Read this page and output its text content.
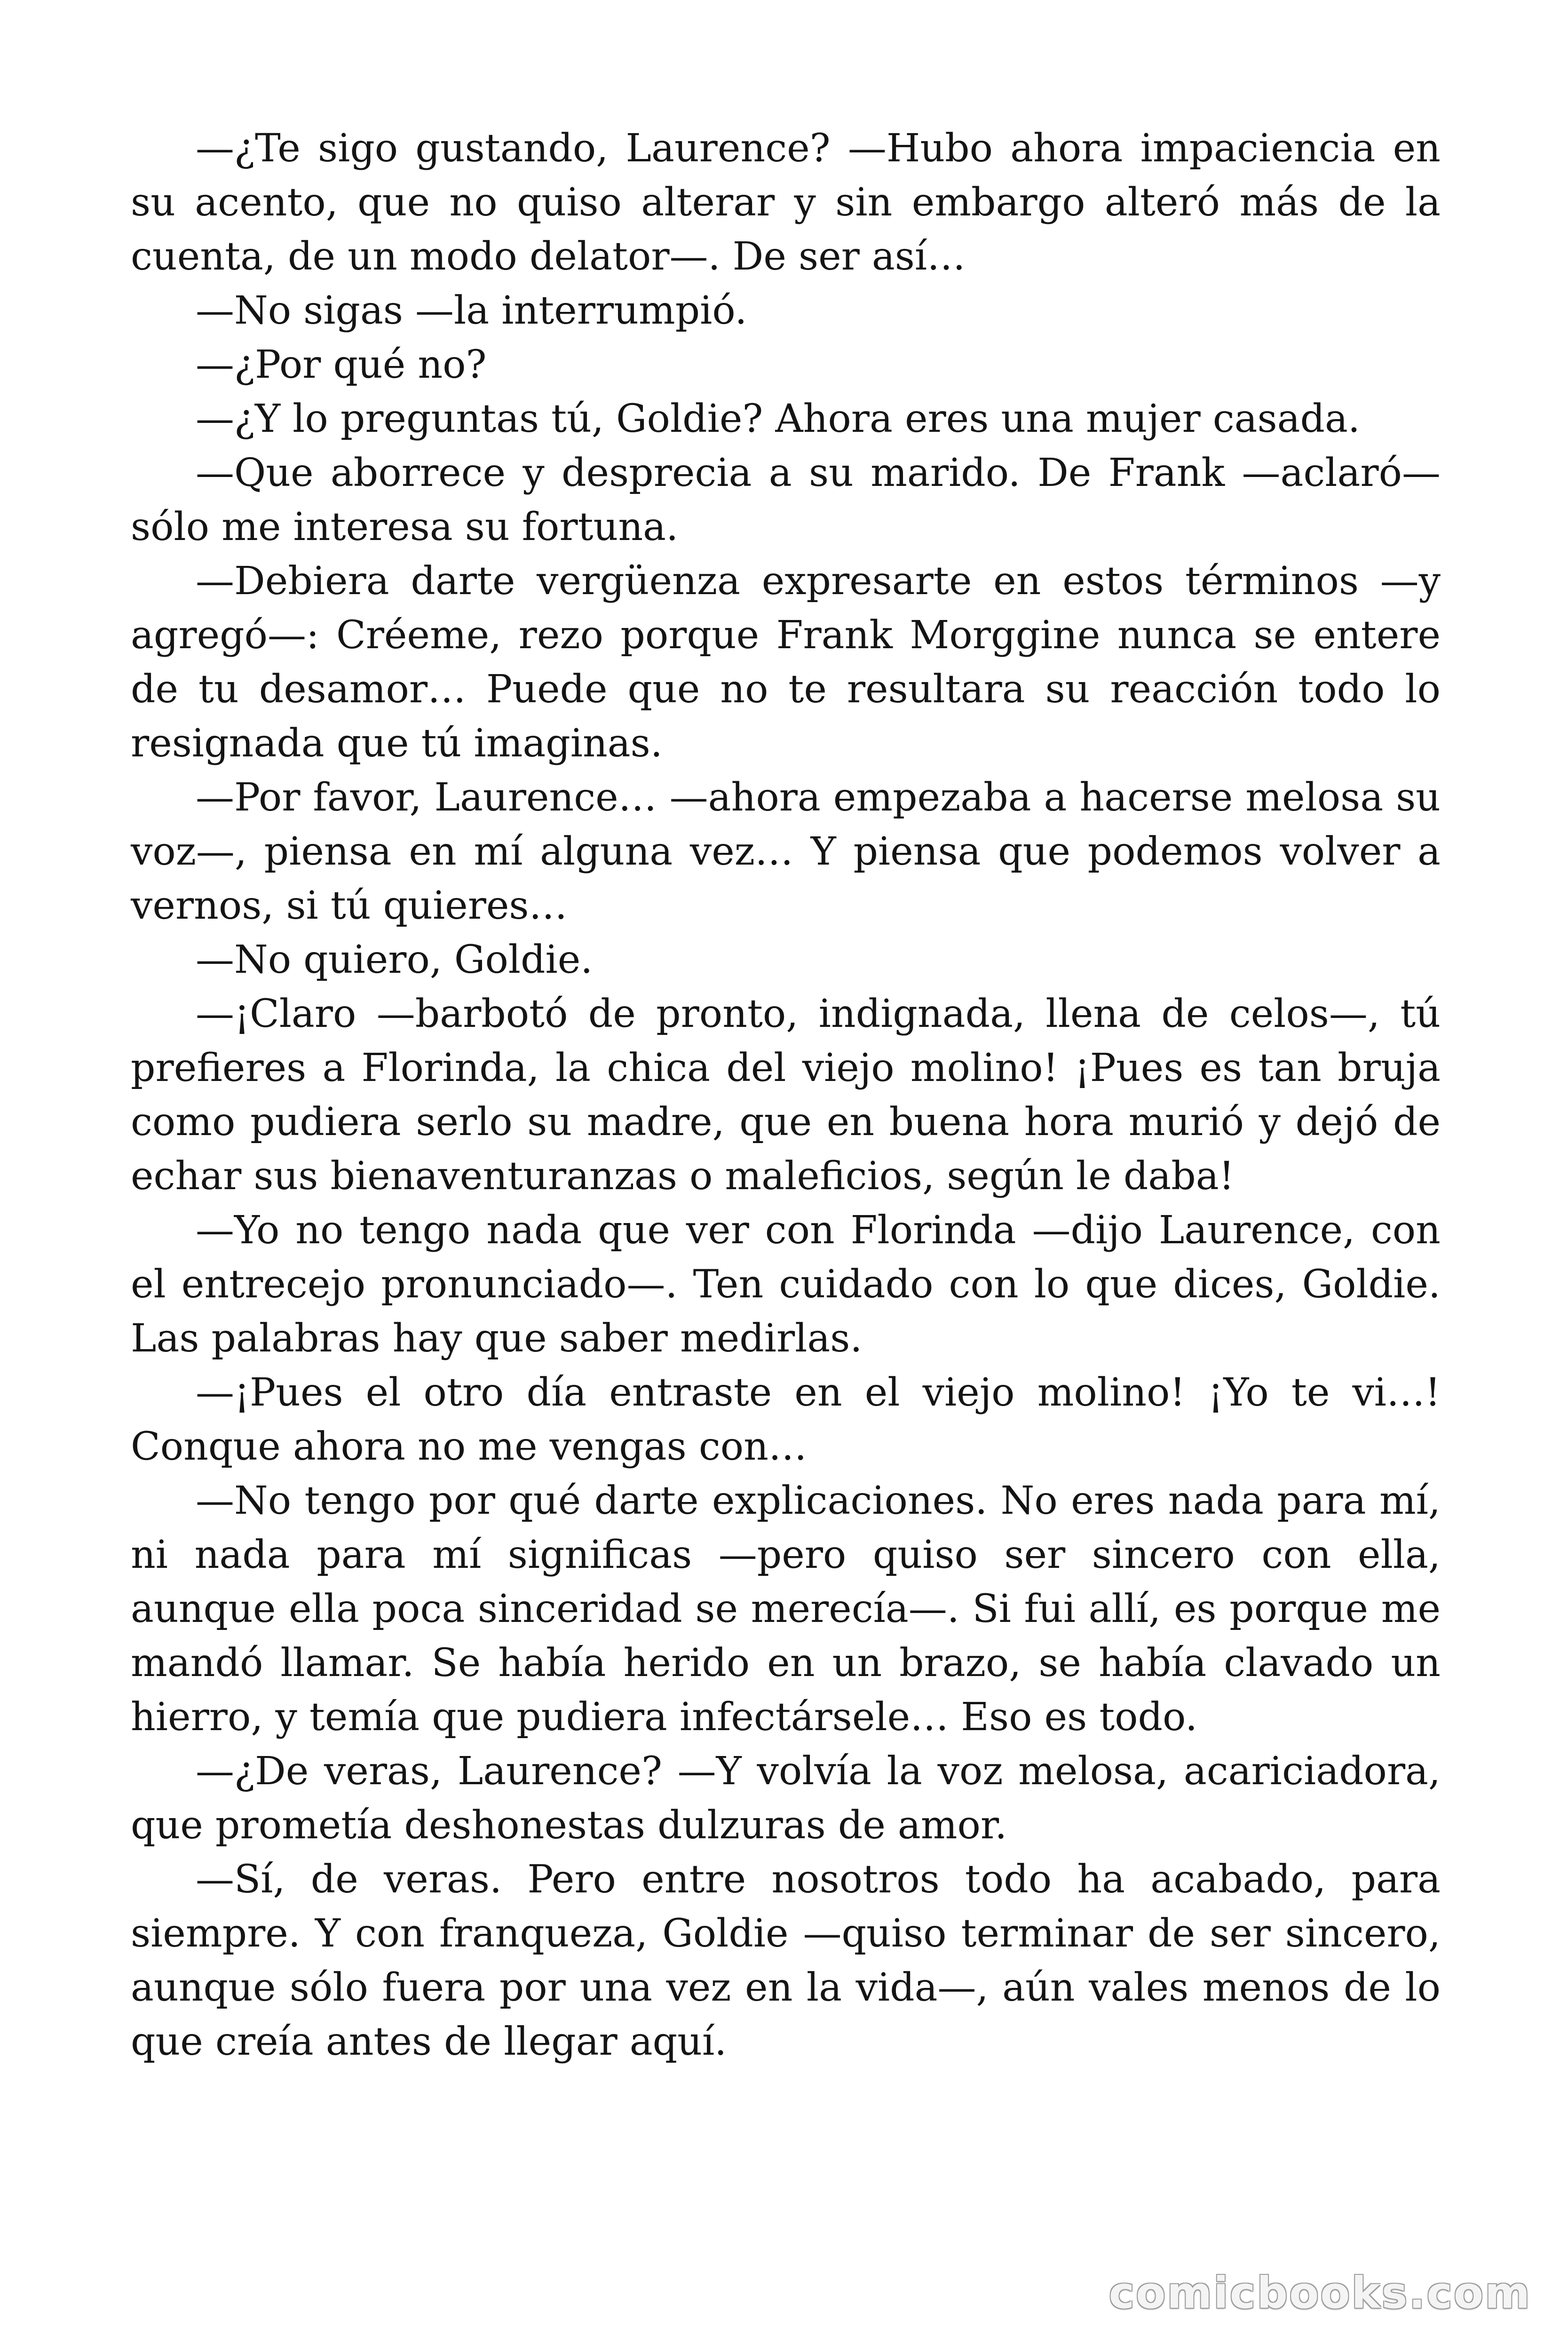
—¿Te sigo gustando, Laurence? —Hubo ahora impaciencia en su acento, que no quiso alterar y sin embargo alteró más de la cuenta, de un modo delator—. De ser así…

—No sigas —la interrumpió.

—¿Por qué no?

—¿Y lo preguntas tú, Goldie? Ahora eres una mujer casada.

—Que aborrece y desprecia a su marido. De Frank —aclaró— sólo me interesa su fortuna.

—Debiera darte vergüenza expresarte en estos términos —y agregó—: Créeme, rezo porque Frank Morggine nunca se entere de tu desamor… Puede que no te resultara su reacción todo lo resignada que tú imaginas.

—Por favor, Laurence… —ahora empezaba a hacerse melosa su voz—, piensa en mí alguna vez… Y piensa que podemos volver a vernos, si tú quieres…

—No quiero, Goldie.

—¡Claro —barbotó de pronto, indignada, llena de celos—, tú prefieres a Florinda, la chica del viejo molino! ¡Pues es tan bruja como pudiera serlo su madre, que en buena hora murió y dejó de echar sus bienaventuranzas o maleficios, según le daba!

—Yo no tengo nada que ver con Florinda —dijo Laurence, con el entrecejo pronunciado—. Ten cuidado con lo que dices, Goldie. Las palabras hay que saber medirlas.

—¡Pues el otro día entraste en el viejo molino! ¡Yo te vi…! Conque ahora no me vengas con…

—No tengo por qué darte explicaciones. No eres nada para mí, ni nada para mí significas —pero quiso ser sincero con ella, aunque ella poca sinceridad se merecía—. Si fui allí, es porque me mandó llamar. Se había herido en un brazo, se había clavado un hierro, y temía que pudiera infectársele… Eso es todo.

—¿De veras, Laurence? —Y volvía la voz melosa, acariciadora, que prometía deshonestas dulzuras de amor.

—Sí, de veras. Pero entre nosotros todo ha acabado, para siempre. Y con franqueza, Goldie —quiso terminar de ser sincero, aunque sólo fuera por una vez en la vida—, aún vales menos de lo que creía antes de llegar aquí.

comicbooks.com
